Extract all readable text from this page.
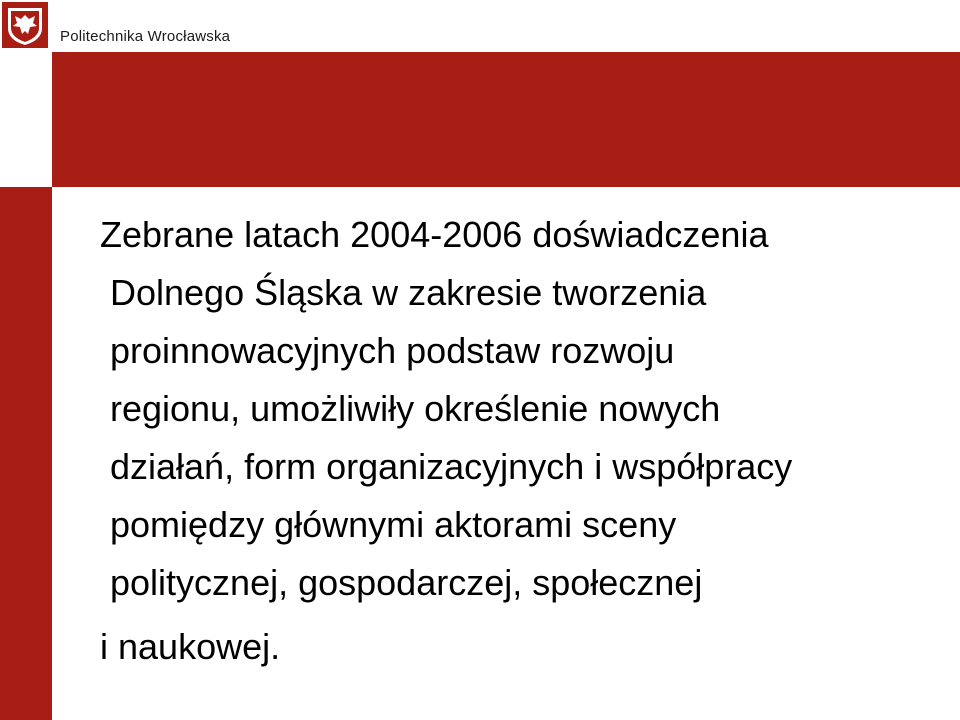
Politechnika Wrocławska
Zebrane latach 2004-2006 doświadczenia
Dolnego Śląska w zakresie tworzenia
proinnowacyjnych podstaw rozwoju
regionu, umożliwiły określenie nowych
działań, form organizacyjnych i współpracy
pomiędzy głównymi aktorami sceny
politycznej, gospodarczej, społecznej
i naukowej.
